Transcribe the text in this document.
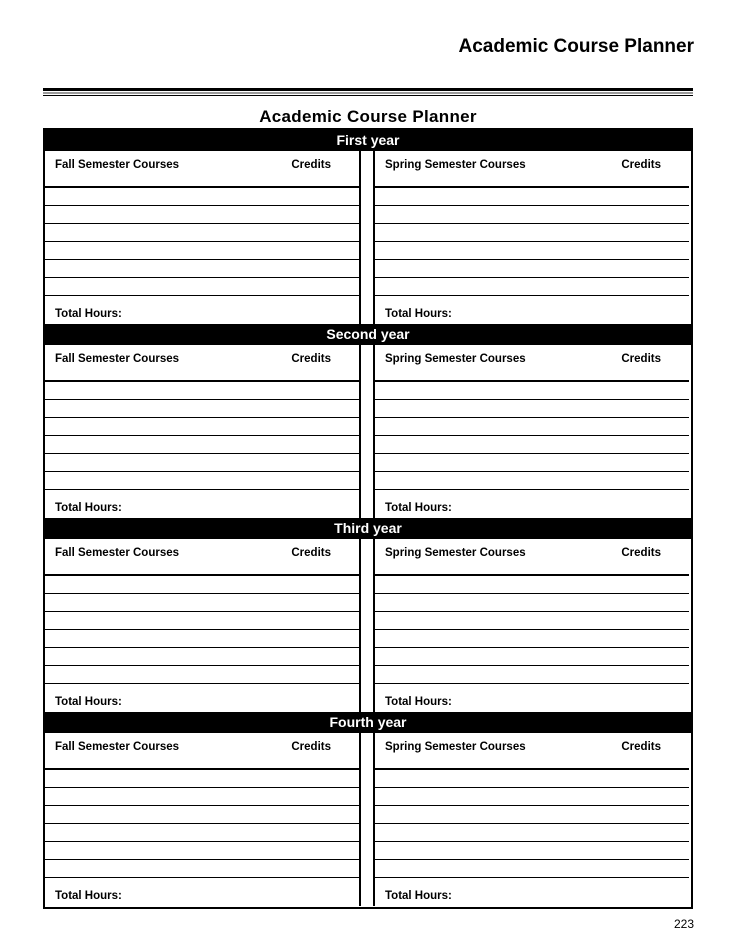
Academic Course Planner
Academic Course Planner
First year
Fall Semester Courses	Credits
Total Hours:
Spring Semester Courses	Credits
Total Hours:
Second year
Fall Semester Courses	Credits
Total Hours:
Spring Semester Courses	Credits
Total Hours:
Third year
Fall Semester Courses	Credits
Total Hours:
Spring Semester Courses	Credits
Total Hours:
Fourth year
Fall Semester Courses	Credits
Total Hours:
Spring Semester Courses	Credits
Total Hours:
223
